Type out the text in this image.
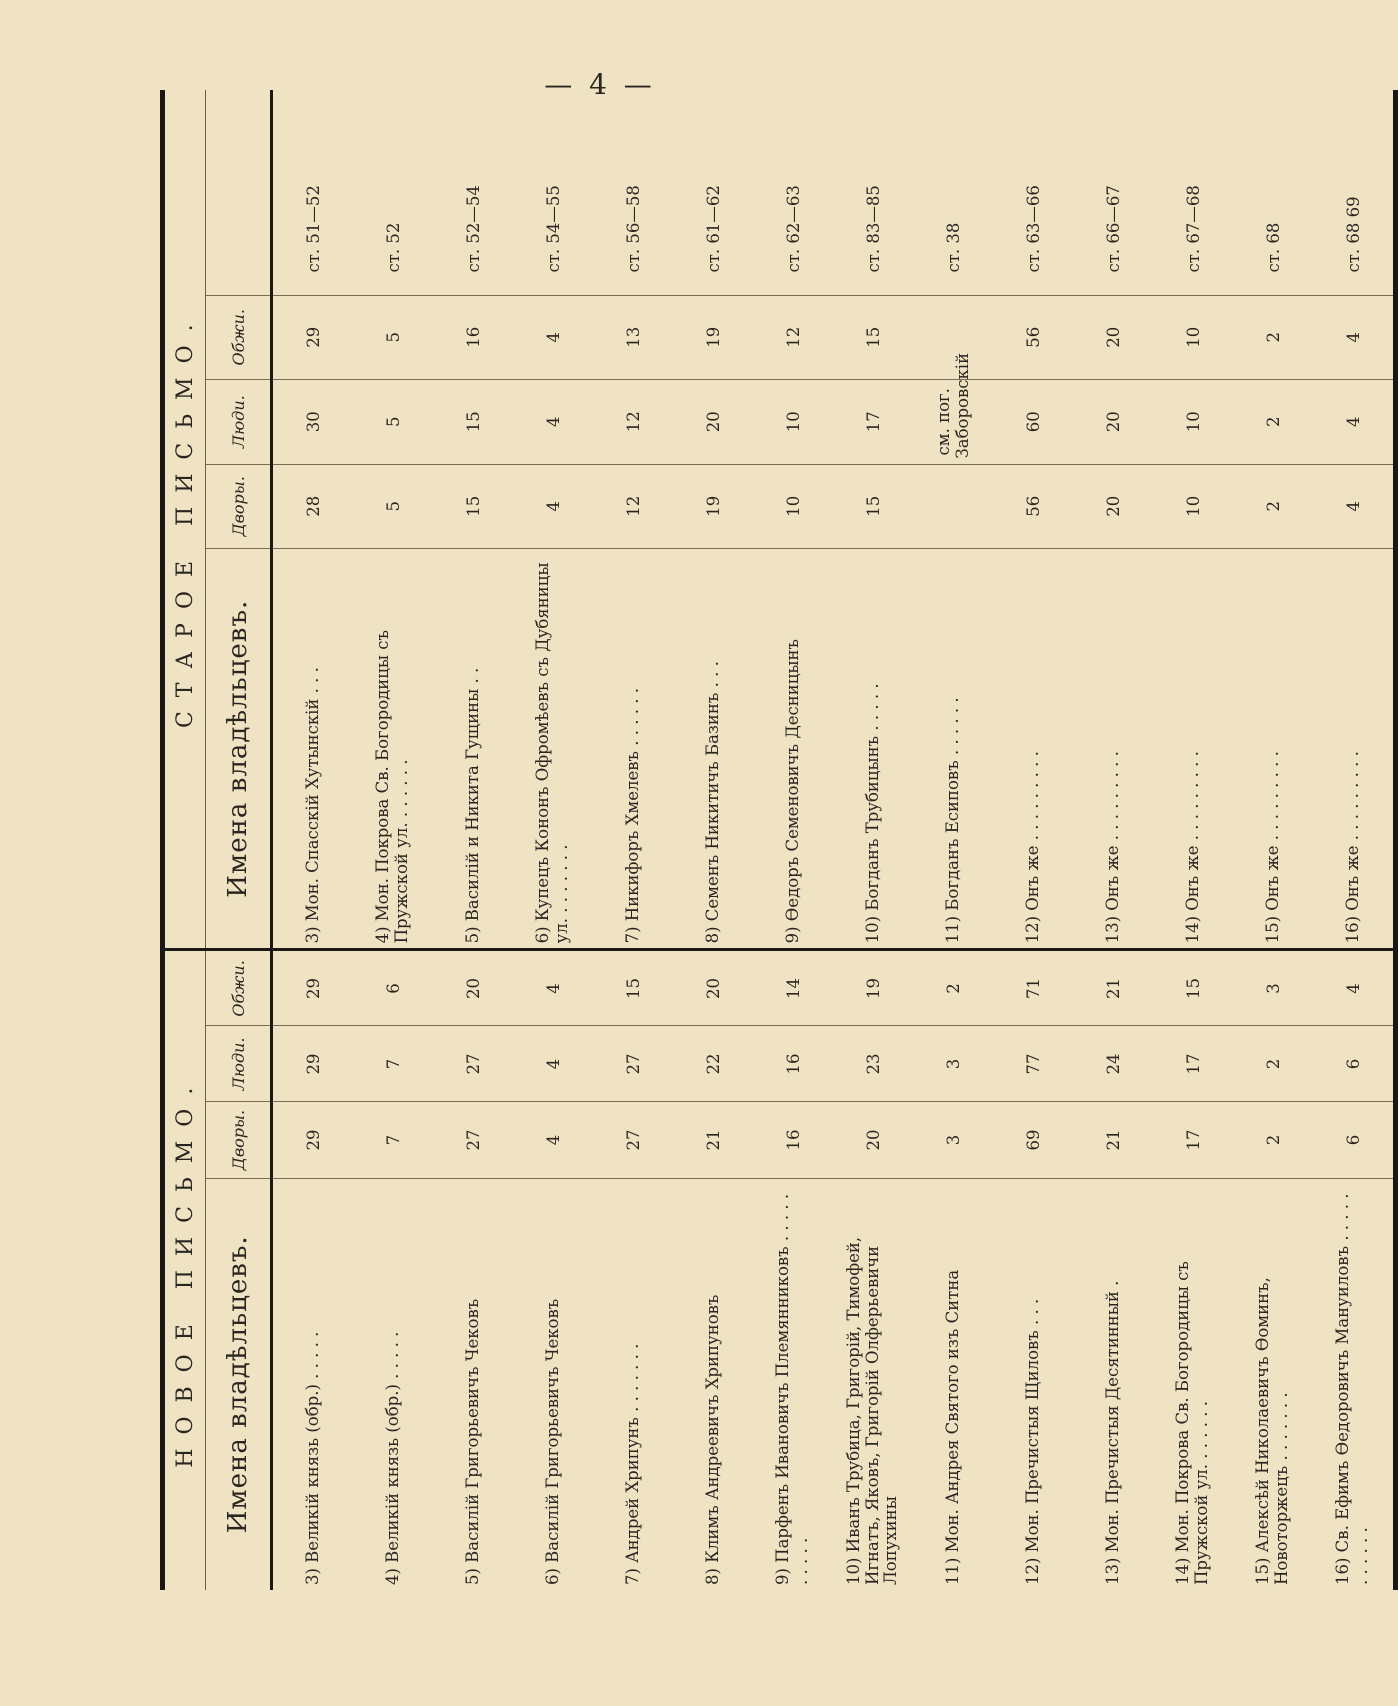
— 4 —
НОВОЕ ПИСЬМО.				СТАРОЕ ПИСЬМО.				
Имена владѣльцевъ.	Дворы.	Люди.	Обжи.	Имена владѣльцевъ.	Дворы.	Люди.	Обжи.	
3) Великій князь (обр.) . . . . .	29	29	29	3) Мон. Спасскій Хутынскій . . .	28	30	29	ст. 51—52
4) Великій князь (обр.) . . . . .	7	7	6	4) Мон. Покрова Св. Богородицы съ Пружской ул. . . . . . .	5	5	5	ст. 52
5) Василій Григорьевичъ Чековъ	27	27	20	5) Василій и Никита Гущины . .	15	15	16	ст. 52—54
6) Василій Григорьевичъ Чековъ	4	4	4	6) Купецъ Кононъ Офромѣевъ съ Дубяницы ул. . . . . . . .	4	4	4	ст. 54—55
7) Андрей Хрипунъ . . . . . . .	27	27	15	7) Никифоръ Хмелевъ . . . . . .	12	12	13	ст. 56—58
8) Климъ Андреевичъ Хрипуновъ	21	22	20	8) Семенъ Никитичъ Базинъ . . .	19	20	19	ст. 61—62
9) Парфенъ Ивановичъ Племянниковъ . . . . . . . . . .	16	16	14	9) Ѳедоръ Семеновичъ Десницынъ	10	10	12	ст. 62—63
10) Иванъ Трубица, Григорій, Тимофей, Игнатъ, Яковъ, Григорій Олферьевичи Лопухины	20	23	19	10) Богданъ Трубицынъ . . . . .	15	17	15	ст. 83—85
11) Мон. Андрея Святого изъ Ситна	3	3	2	11) Богданъ Есиповъ . . . . . .		см. пог. Заборовскій		ст. 38
12) Мон. Пречистыя Щиловъ . . .	69	77	71	12) Онъ же . . . . . . . . .	56	60	56	ст. 63—66
13) Мон. Пречистыя Десятинный .	21	24	21	13) Онъ же . . . . . . . . .	20	20	20	ст. 66—67
14) Мон. Покрова Св. Богородицы съ Пружской ул. . . . . . .	17	17	15	14) Онъ же . . . . . . . . .	10	10	10	ст. 67—68
15) Алексѣй Николаевичъ Ѳоминъ, Новоторжецъ . . . . . . .	2	2	3	15) Онъ же . . . . . . . . .	2	2	2	ст. 68
16) Св. Ефимъ Ѳедоровичъ Мануиловъ . . . . . . . . . . .	6	6	4	16) Онъ же . . . . . . . . .	4	4	4	ст. 68 69
